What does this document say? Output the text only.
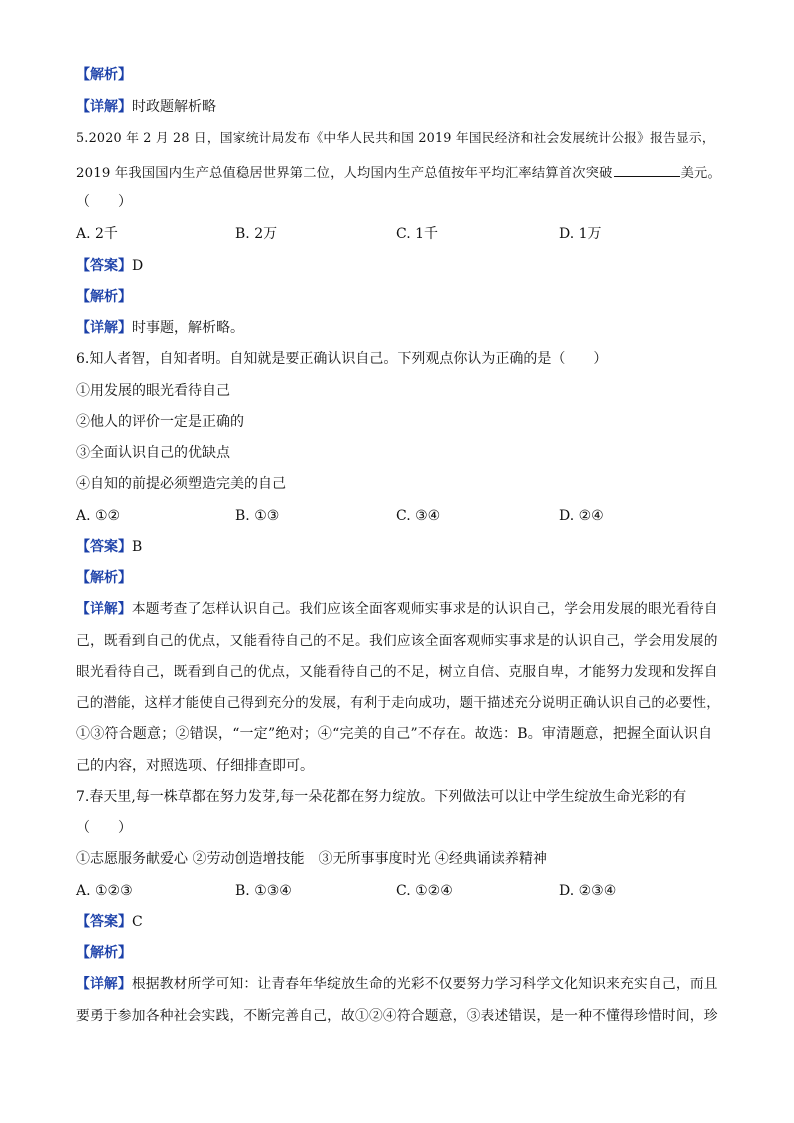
【解析】
【详解】时政题解析略
5.2020 年 2 月 28 日，国家统计局发布《中华人民共和国 2019 年国民经济和社会发展统计公报》报告显示，
2019 年我国国内生产总值稳居世界第二位，人均国内生产总值按年平均汇率结算首次突破	美元。
（　　）
A. 2千	B. 2万	C. 1千	D. 1万
【答案】D
【解析】
【详解】时事题，解析略。
6.知人者智，自知者明。自知就是要正确认识自己。下列观点你认为正确的是（　　）
①用发展的眼光看待自己
②他人的评价一定是正确的
③全面认识自己的优缺点
④自知的前提必须塑造完美的自己
A. ①②	B. ①③	C. ③④	D. ②④
【答案】B
【解析】
【详解】本题考查了怎样认识自己。我们应该全面客观师实事求是的认识自己，学会用发展的眼光看待自
己，既看到自己的优点，又能看待自己的不足。我们应该全面客观师实事求是的认识自己，学会用发展的
眼光看待自己，既看到自己的优点，又能看待自己的不足，树立自信、克服自卑，才能努力发现和发挥自
己的潜能，这样才能使自己得到充分的发展，有利于走向成功，题干描述充分说明正确认识自己的必要性，
①③符合题意；②错误，“一定”绝对；④“完美的自己”不存在。故选：B。审清题意，把握全面认识自
己的内容，对照选项、仔细排查即可。
7.春天里,每一株草都在努力发芽,每一朵花都在努力绽放。下列做法可以让中学生绽放生命光彩的有
（　　）
①志愿服务献爱心 ②劳动创造增技能　③无所事事度时光 ④经典诵读养精神
A. ①②③	B. ①③④	C. ①②④	D. ②③④
【答案】C
【解析】
【详解】根据教材所学可知：让青春年华绽放生命的光彩不仅要努力学习科学文化知识来充实自己，而且
要勇于参加各种社会实践，不断完善自己，故①②④符合题意，③表述错误，是一种不懂得珍惜时间，珍
